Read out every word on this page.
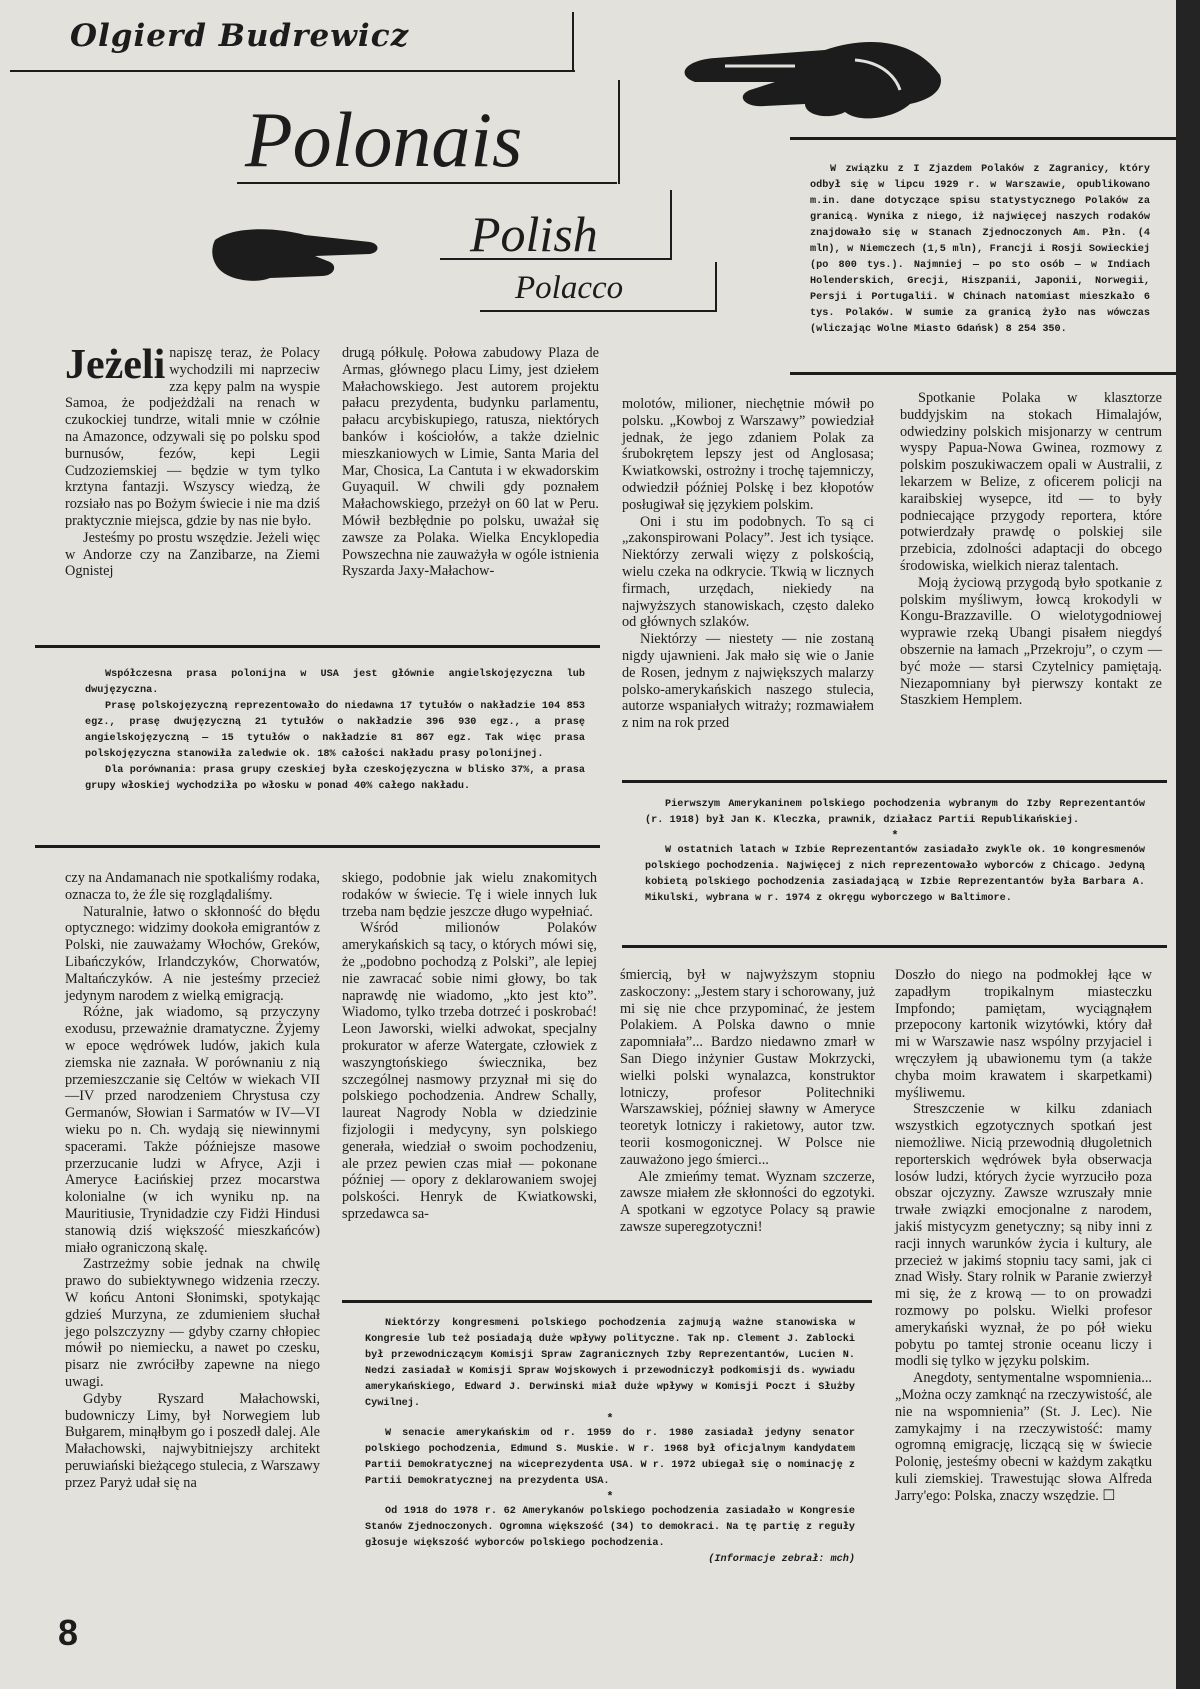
Olgierd Budrewicz
Polonais
Polish
Polacco

W związku z I Zjazdem Polaków z Zagranicy, który odbył się w lipcu 1929 r. w Warszawie, opublikowano m.in. dane dotyczące spisu statystycznego Polaków za granicą. Wynika z niego, iż najwięcej naszych rodaków znajdowało się w Stanach Zjednoczonych Am. Płn. (4 mln), w Niemczech (1,5 mln), Francji i Rosji Sowieckiej (po 800 tys.). Najmniej — po sto osób — w Indiach Holenderskich, Grecji, Hiszpanii, Japonii, Norwegii, Persji i Portugalii. W Chinach natomiast mieszkało 6 tys. Polaków. W sumie za granicą żyło nas wówczas (wliczając Wolne Miasto Gdańsk) 8 254 350.

Jeżeli napiszę teraz, że Polacy wychodzili mi naprzeciw zza kępy palm na wyspie Samoa, że podjeżdżali na renach w czukockiej tundrze, witali mnie w czółnie na Amazonce, odzywali się po polsku spod burnusów, fezów, kepi Legii Cudzoziemskiej — będzie w tym tylko krztyna fantazji. Wszyscy wiedzą, że rozsiało nas po Bożym świecie i nie ma dziś praktycznie miejsca, gdzie by nas nie było.

Jesteśmy po prostu wszędzie. Jeżeli więc w Andorze czy na Zanzibarze, na Ziemi Ognistej

drugą półkulę. Połowa zabudowy Plaza de Armas, głównego placu Limy, jest dziełem Małachowskiego. Jest autorem projektu pałacu prezydenta, budynku parlamentu, pałacu arcybiskupiego, ratusza, niektórych banków i kościołów, a także dzielnic mieszkaniowych w Limie, Santa Maria del Mar, Chosica, La Cantuta i w ekwadorskim Guyaquil. W chwili gdy poznałem Małachowskiego, przeżył on 60 lat w Peru. Mówił bezbłędnie po polsku, uważał się zawsze za Polaka. Wielka Encyklopedia Powszechna nie zauważyła w ogóle istnienia Ryszarda Jaxy-Małachow-

molotów, milioner, niechętnie mówił po polsku. „Kowboj z Warszawy” powiedział jednak, że jego zdaniem Polak za śrubokrętem lepszy jest od Anglosasa; Kwiatkowski, ostrożny i trochę tajemniczy, odwiedził później Polskę i bez kłopotów posługiwał się językiem polskim.

Oni i stu im podobnych. To są ci „zakonspirowani Polacy”. Jest ich tysiące. Niektórzy zerwali więzy z polskością, wielu czeka na odkrycie. Tkwią w licznych firmach, urzędach, niekiedy na najwyższych stanowiskach, często daleko od głównych szlaków.

Niektórzy — niestety — nie zostaną nigdy ujawnieni. Jak mało się wie o Janie de Rosen, jednym z największych malarzy polsko-amerykańskich naszego stulecia, autorze wspaniałych witraży; rozmawiałem z nim na rok przed

Spotkanie Polaka w klasztorze buddyjskim na stokach Himalajów, odwiedziny polskich misjonarzy w centrum wyspy Papua-Nowa Gwinea, rozmowy z polskim poszukiwaczem opali w Australii, z lekarzem w Belize, z oficerem policji na karaibskiej wysepce, itd — to były podniecające przygody reportera, które potwierdzały prawdę o polskiej sile przebicia, zdolności adaptacji do obcego środowiska, wielkich nieraz talentach.

Moją życiową przygodą było spotkanie z polskim myśliwym, łowcą krokodyli w Kongu-Brazzaville. O wielotygodniowej wyprawie rzeką Ubangi pisałem niegdyś obszernie na łamach „Przekroju”, o czym — być może — starsi Czytelnicy pamiętają. Niezapomniany był pierwszy kontakt ze Staszkiem Hemplem.

Współczesna prasa polonijna w USA jest głównie angielskojęzyczna lub dwujęzyczna.

Prasę polskojęzyczną reprezentowało do niedawna 17 tytułów o nakładzie 104 853 egz., prasę dwujęzyczną 21 tytułów o nakładzie 396 930 egz., a prasę angielskojęzyczną — 15 tytułów o nakładzie 81 867 egz. Tak więc prasa polskojęzyczna stanowiła zaledwie ok. 18% całości nakładu prasy polonijnej.

Dla porównania: prasa grupy czeskiej była czeskojęzyczna w blisko 37%, a prasa grupy włoskiej wychodziła po włosku w ponad 40% całego nakładu.

Pierwszym Amerykaninem polskiego pochodzenia wybranym do Izby Reprezentantów (r. 1918) był Jan K. Kleczka, prawnik, działacz Partii Republikańskiej.

*

W ostatnich latach w Izbie Reprezentantów zasiadało zwykle ok. 10 kongresmenów polskiego pochodzenia. Najwięcej z nich reprezentowało wyborców z Chicago. Jedyną kobietą polskiego pochodzenia zasiadającą w Izbie Reprezentantów była Barbara A. Mikulski, wybrana w r. 1974 z okręgu wyborczego w Baltimore.

czy na Andamanach nie spotkaliśmy rodaka, oznacza to, że źle się rozglądaliśmy.

Naturalnie, łatwo o skłonność do błędu optycznego: widzimy dookoła emigrantów z Polski, nie zauważamy Włochów, Greków, Libańczyków, Irlandczyków, Chorwatów, Maltańczyków. A nie jesteśmy przecież jedynym narodem z wielką emigracją.

Różne, jak wiadomo, są przyczyny exodusu, przeważnie dramatyczne. Żyjemy w epoce wędrówek ludów, jakich kula ziemska nie zaznała. W porównaniu z nią przemieszczanie się Celtów w wiekach VII—IV przed narodzeniem Chrystusa czy Germanów, Słowian i Sarmatów w IV—VI wieku po n. Ch. wydają się niewinnymi spacerami. Także późniejsze masowe przerzucanie ludzi w Afryce, Azji i Ameryce Łacińskiej przez mocarstwa kolonialne (w ich wyniku np. na Mauritiusie, Trynidadzie czy Fidżi Hindusi stanowią dziś większość mieszkańców) miało ograniczoną skalę.

Zastrzeżmy sobie jednak na chwilę prawo do subiektywnego widzenia rzeczy. W końcu Antoni Słonimski, spotykając gdzieś Murzyna, ze zdumieniem słuchał jego polszczyzny — gdyby czarny chłopiec mówił po niemiecku, a nawet po czesku, pisarz nie zwróciłby zapewne na niego uwagi.

Gdyby Ryszard Małachowski, budowniczy Limy, był Norwegiem lub Bułgarem, minąłbym go i poszedł dalej. Ale Małachowski, najwybitniejszy architekt peruwiański bieżącego stulecia, z Warszawy przez Paryż udał się na

skiego, podobnie jak wielu znakomitych rodaków w świecie. Tę i wiele innych luk trzeba nam będzie jeszcze długo wypełniać.

Wśród milionów Polaków amerykańskich są tacy, o których mówi się, że „podobno pochodzą z Polski”, ale lepiej nie zawracać sobie nimi głowy, bo tak naprawdę nie wiadomo, „kto jest kto”. Wiadomo, tylko trzeba dotrzeć i poskrobać! Leon Jaworski, wielki adwokat, specjalny prokurator w aferze Watergate, człowiek z waszyngtońskiego świecznika, bez szczególnej nasmowy przyznał mi się do polskiego pochodzenia. Andrew Schally, laureat Nagrody Nobla w dziedzinie fizjologii i medycyny, syn polskiego generała, wiedział o swoim pochodzeniu, ale przez pewien czas miał — pokonane później — opory z deklarowaniem swojej polskości. Henryk de Kwiatkowski, sprzedawca sa-

śmiercią, był w najwyższym stopniu zaskoczony: „Jestem stary i schorowany, już mi się nie chce przypominać, że jestem Polakiem. A Polska dawno o mnie zapomniała”... Bardzo niedawno zmarł w San Diego inżynier Gustaw Mokrzycki, wielki polski wynalazca, konstruktor lotniczy, profesor Politechniki Warszawskiej, później sławny w Ameryce teoretyk lotniczy i rakietowy, autor tzw. teorii kosmogonicznej. W Polsce nie zauważono jego śmierci...

Ale zmieńmy temat. Wyznam szczerze, zawsze miałem złe skłonności do egzotyki. A spotkani w egzotyce Polacy są prawie zawsze superegzotyczni!

Doszło do niego na podmokłej łące w zapadłym tropikalnym miasteczku Impfondo; pamiętam, wyciągnąłem przepocony kartonik wizytówki, który dał mi w Warszawie nasz wspólny przyjaciel i wręczyłem ją ubawionemu tym (a także chyba moim krawatem i skarpetkami) myśliwemu.

Streszczenie w kilku zdaniach wszystkich egzotycznych spotkań jest niemożliwe. Nicią przewodnią długoletnich reporterskich wędrówek była obserwacja losów ludzi, których życie wyrzuciło poza obszar ojczyzny. Zawsze wzruszały mnie trwałe związki emocjonalne z narodem, jakiś mistycyzm genetyczny; są niby inni z racji innych warunków życia i kultury, ale przecież w jakimś stopniu tacy sami, jak ci znad Wisły. Stary rolnik w Paranie zwierzył mi się, że z krową — to on prowadzi rozmowy po polsku. Wielki profesor amerykański wyznał, że po pół wieku pobytu po tamtej stronie oceanu liczy i modli się tylko w języku polskim.

Anegdoty, sentymentalne wspomnienia... „Można oczy zamknąć na rzeczywistość, ale nie na wspomnienia” (St. J. Lec). Nie zamykajmy i na rzeczywistość: mamy ogromną emigrację, liczącą się w świecie Polonię, jesteśmy obecni w każdym zakątku kuli ziemskiej. Trawestując słowa Alfreda Jarry'ego: Polska, znaczy wszędzie. ☐

Niektórzy kongresmeni polskiego pochodzenia zajmują ważne stanowiska w Kongresie lub też posiadają duże wpływy polityczne. Tak np. Clement J. Zablocki był przewodniczącym Komisji Spraw Zagranicznych Izby Reprezentantów, Lucien N. Nedzi zasiadał w Komisji Spraw Wojskowych i przewodniczył podkomisji ds. wywiadu amerykańskiego, Edward J. Derwinski miał duże wpływy w Komisji Poczt i Służby Cywilnej.

*

W senacie amerykańskim od r. 1959 do r. 1980 zasiadał jedyny senator polskiego pochodzenia, Edmund S. Muskie. W r. 1968 był oficjalnym kandydatem Partii Demokratycznej na wiceprezydenta USA. W r. 1972 ubiegał się o nominację z Partii Demokratycznej na prezydenta USA.

*

Od 1918 do 1978 r. 62 Amerykanów polskiego pochodzenia zasiadało w Kongresie Stanów Zjednoczonych. Ogromna większość (34) to demokraci. Na tę partię z reguły głosuje większość wyborców polskiego pochodzenia.

(Informacje zebrał: mch)
8
